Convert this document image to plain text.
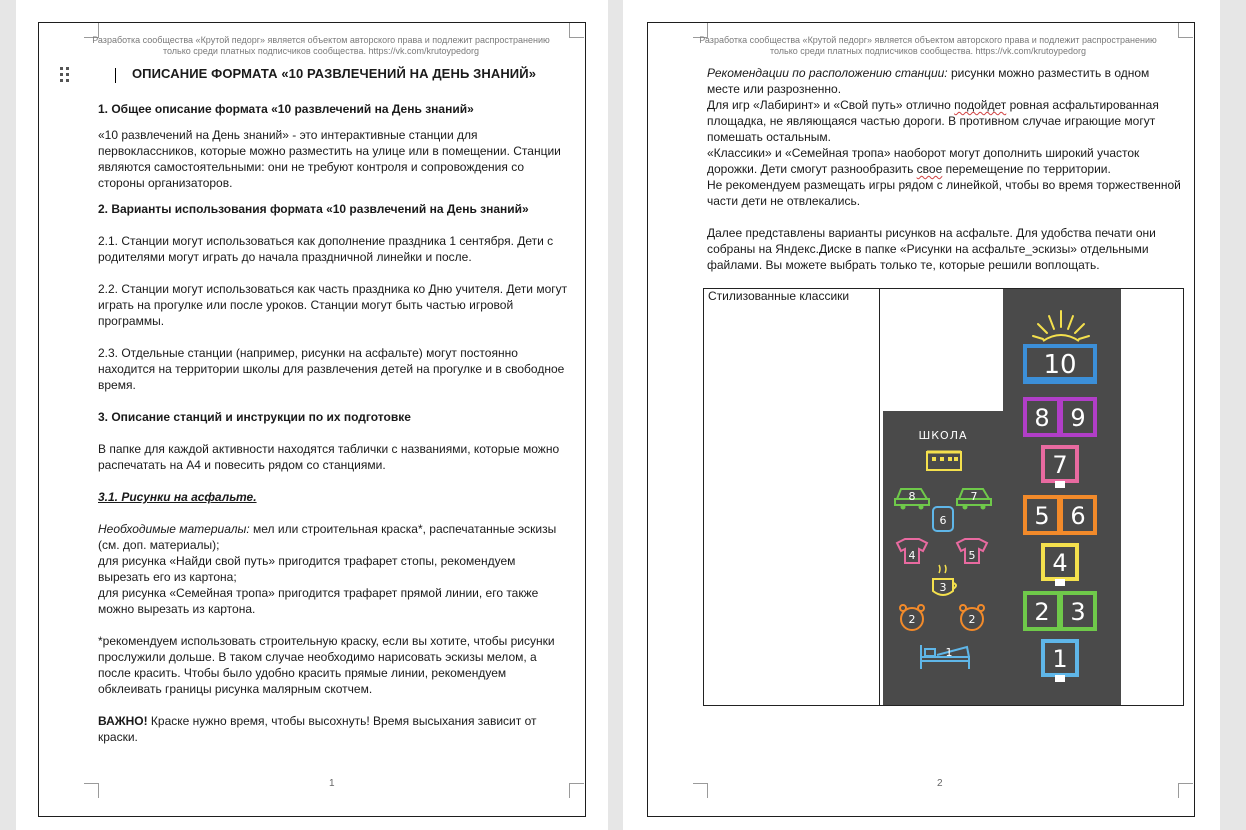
Разработка сообщества «Крутой педорг» является объектом авторского права и подлежит распространению
только среди платных подписчиков сообщества. https://vk.com/krutoypedorg

ОПИСАНИЕ ФОРМАТА «10 РАЗВЛЕЧЕНИЙ НА ДЕНЬ ЗНАНИЙ»

1. Общее описание формата «10 развлечений на День знаний»

«10 развлечений на День знаний» - это интерактивные станции для первоклассников, которые можно разместить на улице или в помещении. Станции являются самостоятельными: они не требуют контроля и сопровождения со стороны организаторов.

2. Варианты использования формата «10 развлечений на День знаний»

2.1. Станции могут использоваться как дополнение праздника 1 сентября. Дети с родителями могут играть до начала праздничной линейки и после.

2.2. Станции могут использоваться как часть праздника ко Дню учителя. Дети могут играть на прогулке или после уроков. Станции могут быть частью игровой программы.

2.3. Отдельные станции (например, рисунки на асфальте) могут постоянно находится на территории школы для развлечения детей на прогулке и в свободное время.

3. Описание станций и инструкции по их подготовке

В папке для каждой активности находятся таблички с названиями, которые можно распечатать на А4 и повесить рядом со станциями.

3.1. Рисунки на асфальте.

Необходимые материалы: мел или строительная краска*, распечатанные эскизы (см. доп. материалы);

для рисунка «Найди свой путь» пригодится трафарет стопы, рекомендуем вырезать его из картона;

для рисунка «Семейная тропа» пригодится трафарет прямой линии, его также можно вырезать из картона.

*рекомендуем использовать строительную краску, если вы хотите, чтобы рисунки прослужили дольше. В таком случае необходимо нарисовать эскизы мелом, а после красить. Чтобы было удобно красить прямые линии, рекомендуем обклеивать границы рисунка малярным скотчем.

ВАЖНО! Краске нужно время, чтобы высохнуть! Время высыхания зависит от краски.

1
Разработка сообщества «Крутой педорг» является объектом авторского права и подлежит распространению
только среди платных подписчиков сообщества. https://vk.com/krutoypedorg

Рекомендации по расположению станции: рисунки можно разместить в одном месте или разрозненно.

Для игр «Лабиринт» и «Свой путь» отлично подойдет ровная асфальтированная площадка, не являющаяся частью дороги. В противном случае играющие могут помешать остальным.

«Классики» и «Семейная тропа» наоборот могут дополнить широкий участок дорожки. Дети смогут разнообразить свое перемещение по территории.

Не рекомендуем размещать игры рядом с линейкой, чтобы во время торжественной части дети не отвлекались.

Далее представлены варианты рисунков на асфальте. Для удобства печати они собраны на Яндекс.Диске в папке «Рисунки на асфальте_эскизы» отдельными файлами. Вы можете выбрать только те, которые решили воплощать.

Стилизованные классики
10
8 9
7
5 6
4
2 3
1
ШКОЛА
8	7
6
4	5
3
2	2
1
2
